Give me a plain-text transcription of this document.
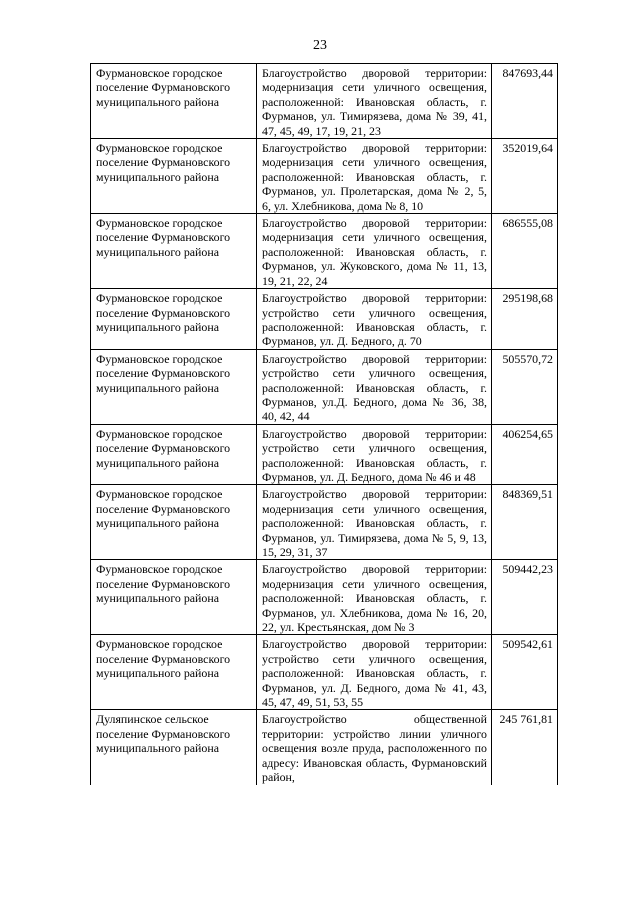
23
Фурмановское городское поселение Фурмановского муниципального района	Благоустройство дворовой территории: модернизация сети уличного освещения, расположенной: Ивановская область, г. Фурманов, ул. Тимирязева, дома № 39, 41, 47, 45, 49, 17, 19, 21, 23	847693,44
Фурмановское городское поселение Фурмановского муниципального района	Благоустройство дворовой территории: модернизация сети уличного освещения, расположенной: Ивановская область, г. Фурманов, ул. Пролетарская, дома № 2, 5, 6, ул. Хлебникова, дома № 8, 10	352019,64
Фурмановское городское поселение Фурмановского муниципального района	Благоустройство дворовой территории: модернизация сети уличного освещения, расположенной: Ивановская область, г. Фурманов, ул. Жуковского, дома № 11, 13, 19, 21, 22, 24	686555,08
Фурмановское городское поселение Фурмановского муниципального района	Благоустройство дворовой территории: устройство сети уличного освещения, расположенной: Ивановская область, г. Фурманов, ул. Д. Бедного, д. 70	295198,68
Фурмановское городское поселение Фурмановского муниципального района	Благоустройство дворовой территории: устройство сети уличного освещения, расположенной: Ивановская область, г. Фурманов, ул.Д. Бедного, дома № 36, 38, 40, 42, 44	505570,72
Фурмановское городское поселение Фурмановского муниципального района	Благоустройство дворовой территории: устройство сети уличного освещения, расположенной: Ивановская область, г. Фурманов, ул. Д. Бедного, дома № 46 и 48	406254,65
Фурмановское городское поселение Фурмановского муниципального района	Благоустройство дворовой территории: модернизация сети уличного освещения, расположенной: Ивановская область, г. Фурманов, ул. Тимирязева, дома № 5, 9, 13, 15, 29, 31, 37	848369,51
Фурмановское городское поселение Фурмановского муниципального района	Благоустройство дворовой территории: модернизация сети уличного освещения, расположенной: Ивановская область, г. Фурманов, ул. Хлебникова, дома № 16, 20, 22, ул. Крестьянская, дом № 3	509442,23
Фурмановское городское поселение Фурмановского муниципального района	Благоустройство дворовой территории: устройство сети уличного освещения, расположенной: Ивановская область, г. Фурманов, ул. Д. Бедного, дома № 41, 43, 45, 47, 49, 51, 53, 55	509542,61
Дуляпинское сельское поселение Фурмановского муниципального района	Благоустройство общественной территории: устройство линии уличного освещения возле пруда, расположенного по адресу: Ивановская область, Фурмановский район,	245 761,81
